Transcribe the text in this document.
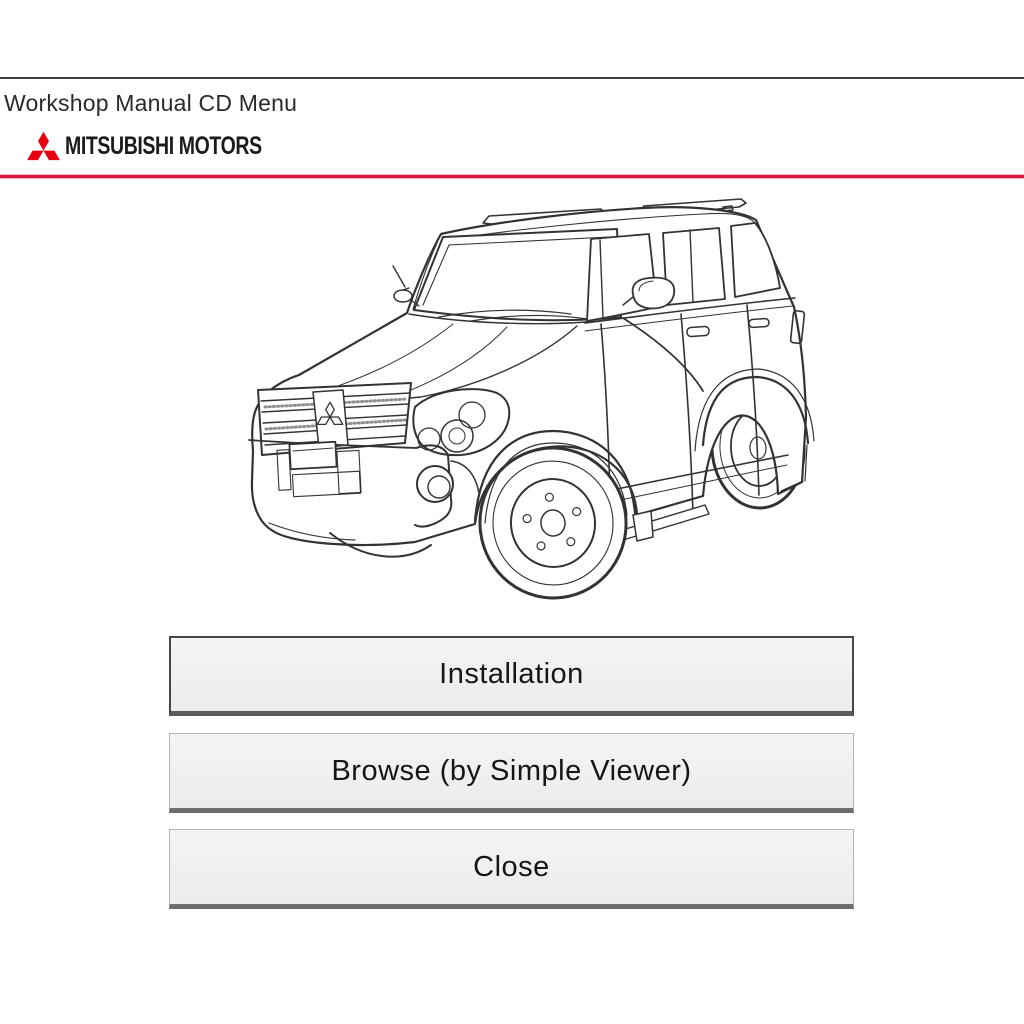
Workshop Manual CD Menu
MITSUBISHI MOTORS
Installation
Browse (by Simple Viewer)
Close
